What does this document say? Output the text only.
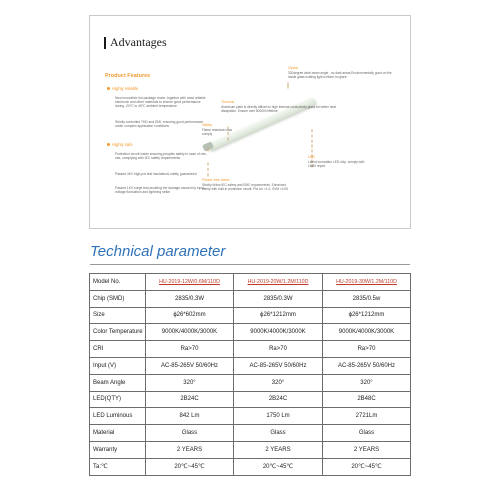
Advantages
Product Features
Highly reliable
New innovative led package mode, together with most reliable electronic and other materials to ensure good performance during -20℃ to 45℃ ambient temperature.
Strictly controlled THD and EMI, ensuring good performance under complex application conditions
Highly safe
Protection circuit inside ensuring peoples safety in case of mis-use, complying with IEC safety requirements.
Passed 4KV high-pot test insulation& safety guaranteed
Passed 1KV surge test,avoiding the damage caused by input voltage fluctuation and lightning strike.
Optics
320degree wide beam angle , no dark areas.Environmentally good on the inside glass making light uniform,no glare.
Thermal
Aluminum plate is directly affixed to high thermal conductivity glass for better heat dissipation. Ensure over 50000h lifetime.
Safety
Flame retardant caps comply
LED
Latest innovation LED chip, comply with LM80 report
Flicker free driver
Strictly follow IEC safety and EMC requirements. Enhanced safety with built-in protection circuit. Pst Lm <1.0, SVM <0.05
Technical parameter
Model No.	HU-2019-12W/0.6M/110D	HU-2019-20W/1.2M/110D	HU-2019-30W/1.2M/110D
Chip (SMD)	2835/0.3W	2835/0.3W	2835/0.5w
Size	ɸ26*602mm	ɸ26*1212mm	ɸ26*1212mm
Color Temperature	9000K/4000K/3000K	9000K/4000K/3000K	9000K/4000K/3000K
CRI	Ra>70	Ra>70	Ra>70
Input (V)	AC-85-265V 50/60Hz	AC-85-265V 50/60Hz	AC-85-265V 50/60Hz
Beam Angle	320°	320°	320°
LED(QTY)	2B24C	2B24C	2B48C
LED Luminous	842 Lm	1750 Lm	2721Lm
Material	Glass	Glass	Glass
Warranty	2 YEARS	2 YEARS	2 YEARS
Ta:℃	20℃~45℃	20℃~45℃	20℃~45℃
